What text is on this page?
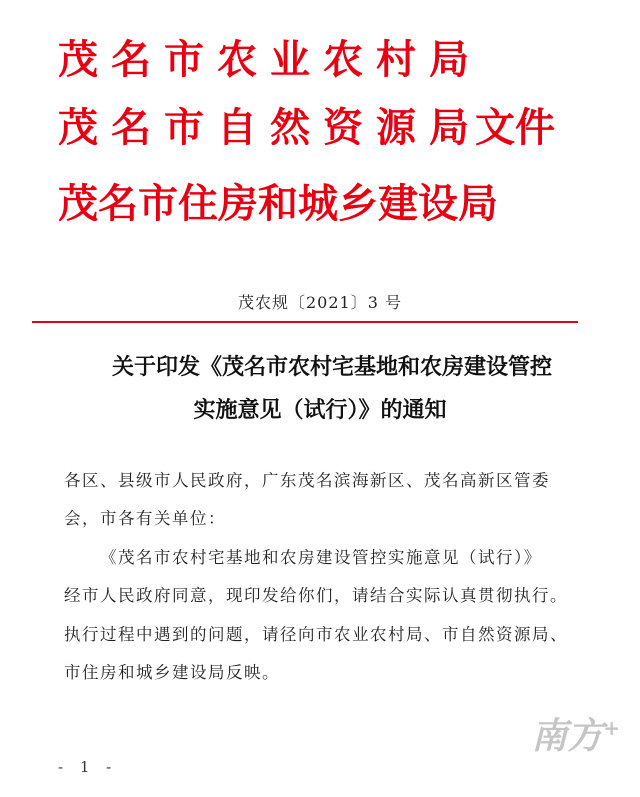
茂名市农业农村局
茂名市自然资源局
茂名市住房和城乡建设局
文件
茂农规〔2021〕3 号
关于印发《茂名市农村宅基地和农房建设管控
实施意见（试行）》的通知
各区、县级市人民政府，广东茂名滨海新区、茂名高新区管委
会，市各有关单位：
《茂名市农村宅基地和农房建设管控实施意见（试行）》
经市人民政府同意，现印发给你们，请结合实际认真贯彻执行。
执行过程中遇到的问题，请径向市农业农村局、市自然资源局、
市住房和城乡建设局反映。
- 1 -
南方+
